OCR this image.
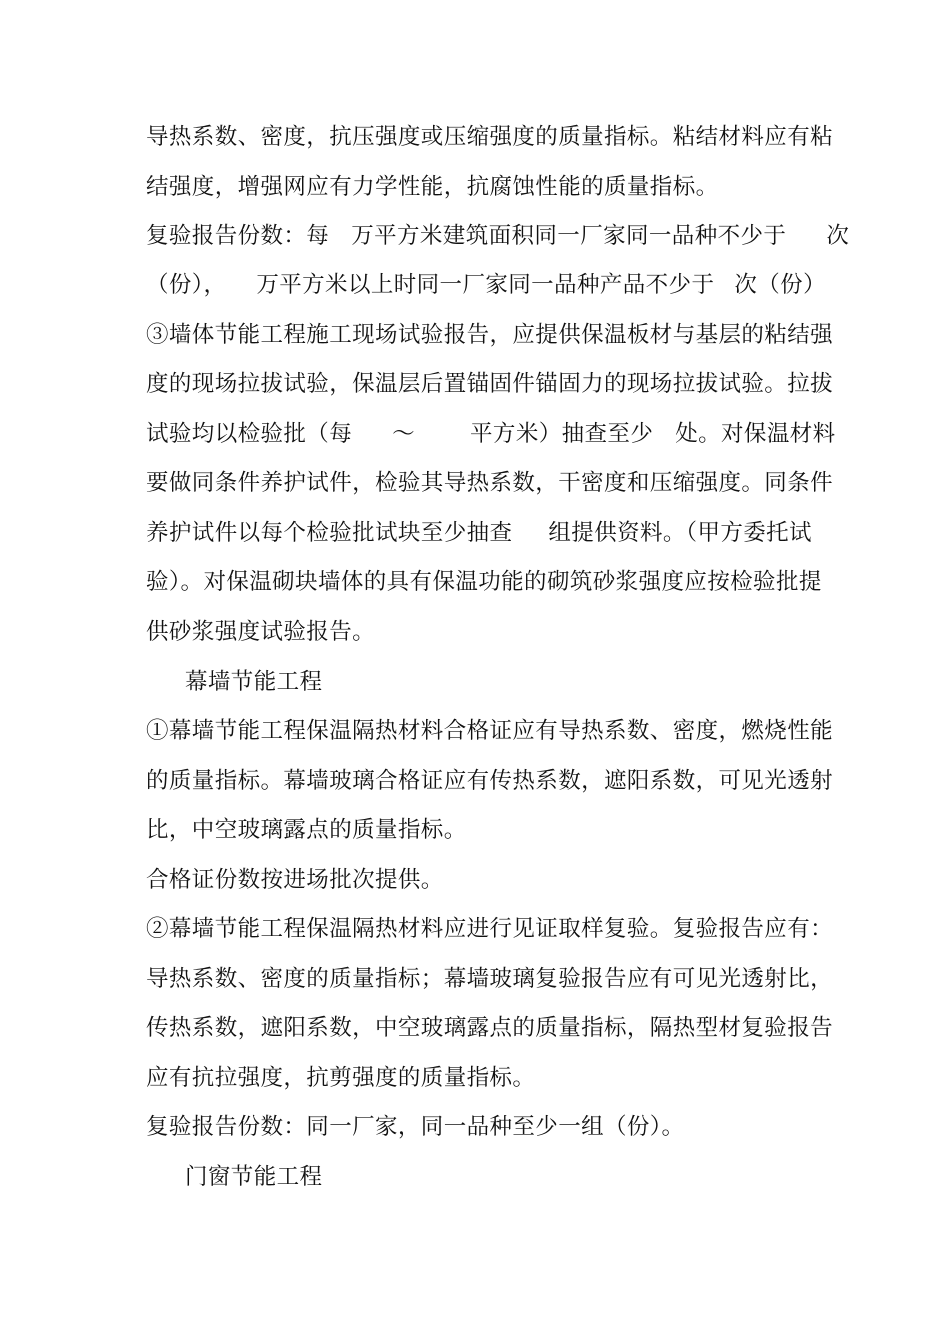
导热系数、密度，抗压强度或压缩强度的质量指标。粘结材料应有粘
结强度，增强网应有力学性能，抗腐蚀性能的质量指标。
复验报告份数：每 万平方米建筑面积同一厂家同一品种不少于 次
（份）， 万平方米以上时同一厂家同一品种产品不少于 次（份）
③墙体节能工程施工现场试验报告，应提供保温板材与基层的粘结强
度的现场拉拔试验，保温层后置锚固件锚固力的现场拉拔试验。拉拔
试验均以检验批（每 ～ 平方米）抽查至少 处。对保温材料
要做同条件养护试件，检验其导热系数，干密度和压缩强度。同条件
养护试件以每个检验批试块至少抽查 组提供资料。（甲方委托试
验）。对保温砌块墙体的具有保温功能的砌筑砂浆强度应按检验批提
供砂浆强度试验报告。
幕墙节能工程
①幕墙节能工程保温隔热材料合格证应有导热系数、密度，燃烧性能
的质量指标。幕墙玻璃合格证应有传热系数，遮阳系数，可见光透射
比，中空玻璃露点的质量指标。
合格证份数按进场批次提供。
②幕墙节能工程保温隔热材料应进行见证取样复验。复验报告应有：
导热系数、密度的质量指标；幕墙玻璃复验报告应有可见光透射比，
传热系数，遮阳系数，中空玻璃露点的质量指标，隔热型材复验报告
应有抗拉强度，抗剪强度的质量指标。
复验报告份数：同一厂家，同一品种至少一组（份）。
门窗节能工程
